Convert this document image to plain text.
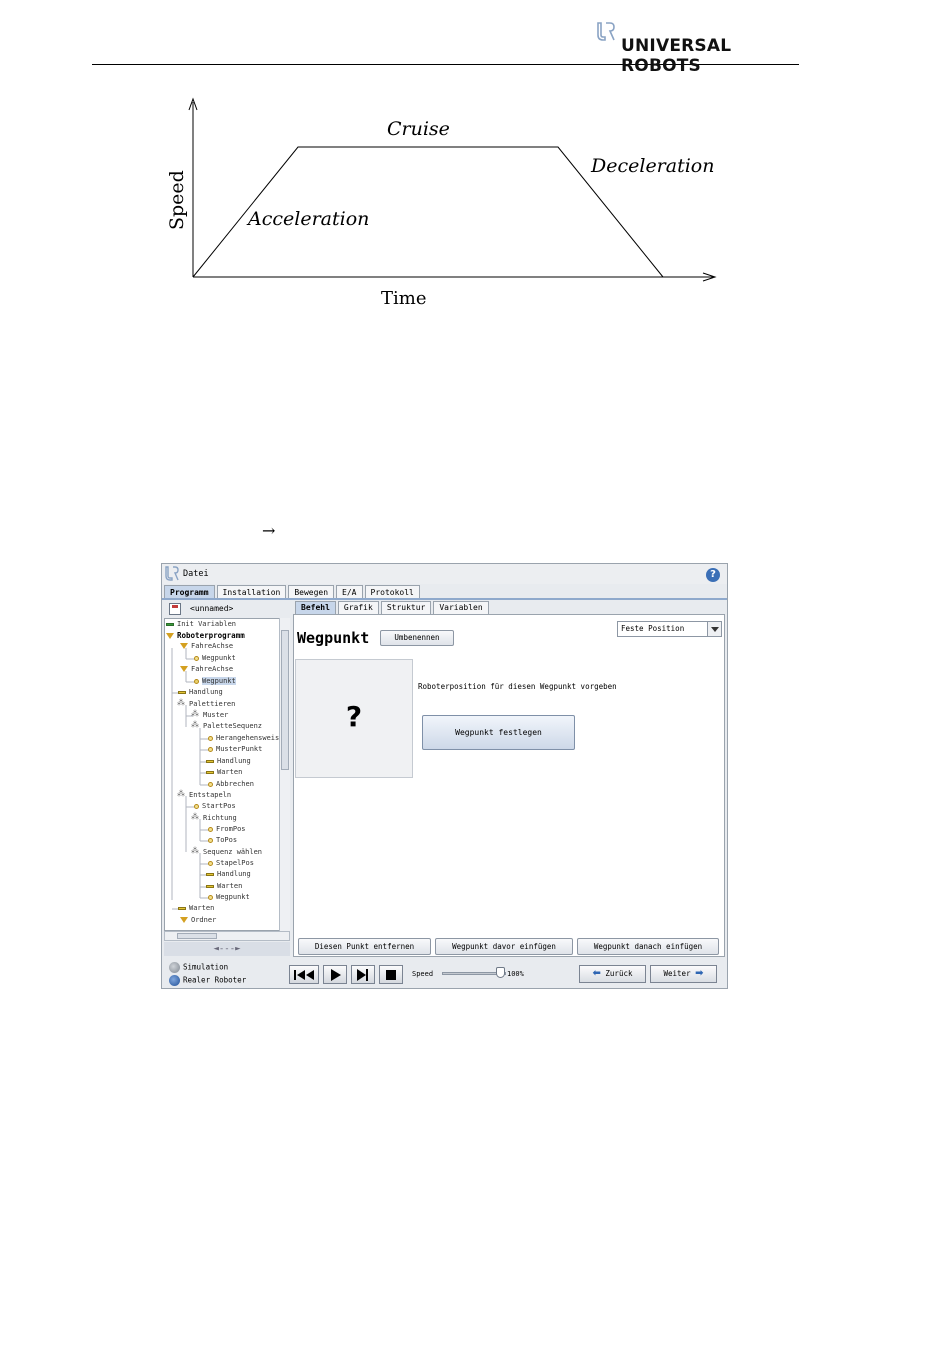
UNIVERSAL ROBOTS
Speed
Time
Acceleration
Cruise
Deceleration
→
Datei	?
Programm	Installation	Bewegen	E/A	Protokoll
<unnamed>
Init Variablen
Roboterprogramm
FahreAchse
Wegpunkt
FahreAchse
Wegpunkt
Handlung
⁂Palettieren
⁂Muster
⁂PaletteSequenz
Herangehensweis
MusterPunkt
Handlung
Warten
Abbrechen
⁂Entstapeln
StartPos
⁂Richtung
FromPos
ToPos
⁂Sequenz wählen
StapelPos
Handlung
Warten
Wegpunkt
Warten
Ordner
◄---►
Befehl	Grafik	Struktur	Variablen
Wegpunkt	Umbenennen
Feste Position
?
Roboterposition für diesen Wegpunkt vorgeben
Wegpunkt festlegen
Diesen Punkt entfernen	Wegpunkt davor einfügen	Wegpunkt danach einfügen
Simulation
Realer Roboter
Speed	100%	⬅ Zurück	Weiter ➡
